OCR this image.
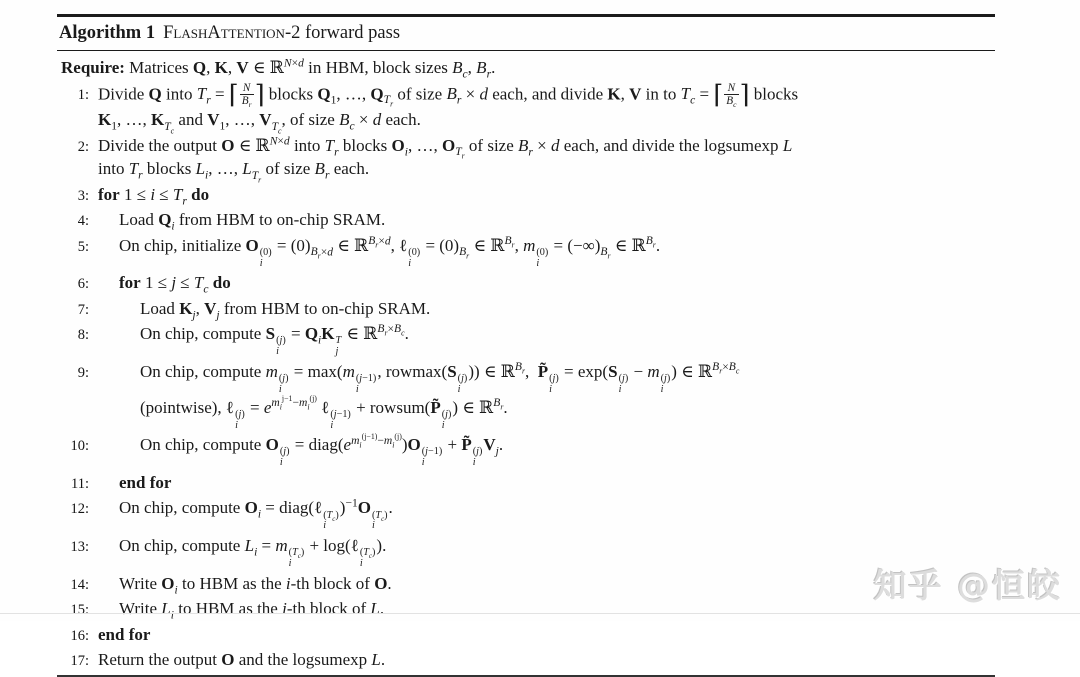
Algorithm 1 FlashAttention-2 forward pass
Require: Matrices Q, K, V ∈ ℝ$^{N\times d}$ in HBM, block sizes $B_c$, $B_r$.
1: Divide Q into $T_r$ = ⌈ $\frac{N}{B_r}$ ⌉ blocks $Q_1$, …, $Q_{T_r}$ of size $B_r \times d$ each, and divide K, V in to $T_c$ = ⌈ $\frac{N}{B_c}$ ⌉ blocks
$K_1$, …, $K_{T_c}$ and $V_1$, …, $V_{T_c}$, of size $B_c \times d$ each.
2: Divide the output O ∈ ℝ$^{N\times d}$ into $T_r$ blocks $O_i$, …, $O_{T_r}$ of size $B_r \times d$ each, and divide the logsumexp L
into $T_r$ blocks $L_i$, …, $L_{T_r}$ of size $B_r$ each.
3: for $1 \le i \le T_r$ do
4:	Load $Q_i$ from HBM to on-chip SRAM.
5:	On chip, initialize O (0)
i
= $(0)_{B_r\times d}$ ∈ ℝ$^{B_r\times d}$, ℓ (0)
i
= $(0)_{B_r}$ ∈ ℝ$^{B_r}$, m (0)
i
= $(-\infty)_{B_r}$ ∈ ℝ$^{B_r}$.
6:	for $1 \le j \le T_c$ do
7:	Load $K_j$, $V_j$ from HBM to on-chip SRAM.
8:	On chip, compute S (j)
i
= $Q_iK$ T
j
∈ ℝ$^{B_r\times B_c}$.
9:	On chip, compute m (j)
i
= max(m (j−1)
i
, rowmax(S (j)
i
)) ∈ ℝ$^{B_r}$,  P̃ (j)
i
= exp(S (j)
i
− m (j)
i
) ∈ ℝ$^{B_r\times B_c}$
(pointwise), ℓ (j)
i
= $e^{m_i^{j-1}-m_i^{(j)}}$ ℓ (j−1)
i
+ rowsum(P̃ (j)
i
) ∈ ℝ$^{B_r}$.
10:	On chip, compute O (j)
i
= $diag(e^{m_i^{(j-1)}-m_i^{(j)}})O$ (j−1)
i
+ P̃ (j)
i
$V_j$.
11:	end for
12:	On chip, compute $O_i$ = diag(ℓ $(T_c)$
i
)$^{-1}$O $(T_c)$
i
.
13:	On chip, compute $L_i = m$ $(T_c)$
i
+ log(ℓ $(T_c)$
i
).
14:	Write $O_i$ to HBM as the i-th block of O.
15:	Write $L_i$ to HBM as the i-th block of L.
16: end for
17: Return the output O and the logsumexp L.
知乎 @恒皎
